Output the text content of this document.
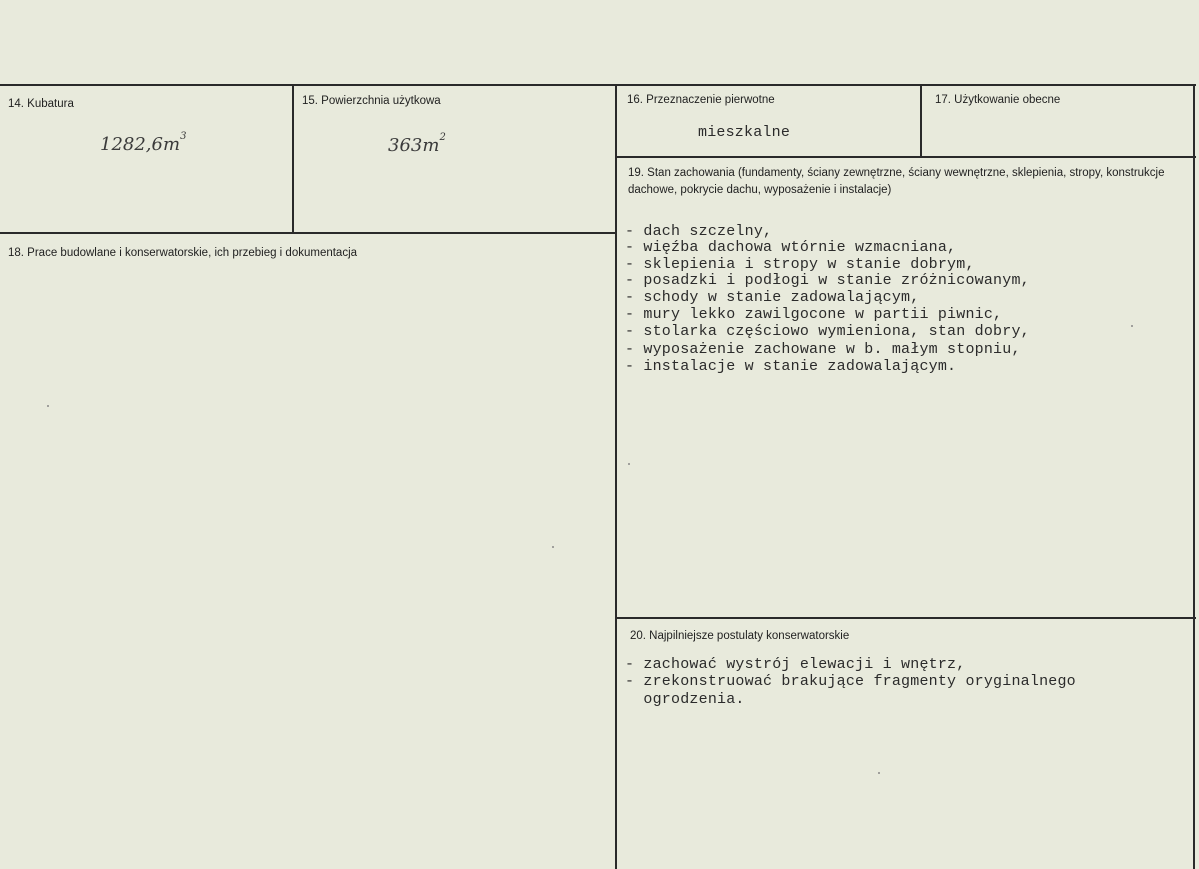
14. Kubatura
$1282,6m^3$
15. Powierzchnia użytkowa
$363m^2$
16. Przeznaczenie pierwotne
mieszkalne
17. Użytkowanie obecne
18. Prace budowlane i konserwatorskie, ich przebieg i dokumentacja
19. Stan zachowania (fundamenty, ściany zewnętrzne, ściany wewnętrzne, sklepienia, stropy, konstrukcje dachowe, pokrycie dachu, wyposażenie i instalacje)
- dach szczelny,
- więźba dachowa wtórnie wzmacniana,
- sklepienia i stropy w stanie dobrym,
- posadzki i podłogi w stanie zróżnicowanym,
- schody w stanie zadowalającym,
- mury lekko zawilgocone w partii piwnic,
- stolarka częściowo wymieniona, stan dobry,
- wyposażenie zachowane w b. małym stopniu,
- instalacje w stanie zadowalającym.
20. Najpilniejsze postulaty konserwatorskie
- zachować wystrój elewacji i wnętrz,
- zrekonstruować brakujące fragmenty oryginalnego
ogrodzenia.
